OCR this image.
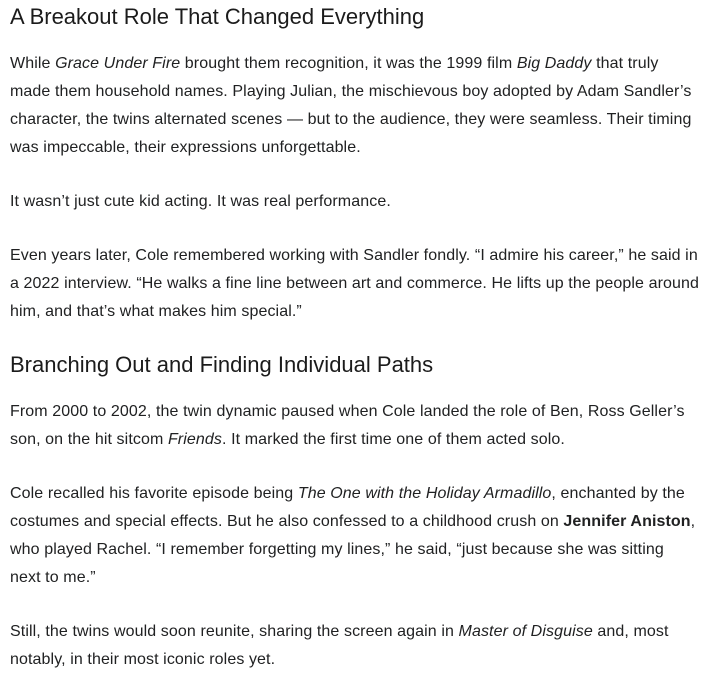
A Breakout Role That Changed Everything

While Grace Under Fire brought them recognition, it was the 1999 film Big Daddy that truly made them household names. Playing Julian, the mischievous boy adopted by Adam Sandler’s character, the twins alternated scenes — but to the audience, they were seamless. Their timing was impeccable, their expressions unforgettable.

It wasn’t just cute kid acting. It was real performance.

Even years later, Cole remembered working with Sandler fondly. “I admire his career,” he said in a 2022 interview. “He walks a fine line between art and commerce. He lifts up the people around him, and that’s what makes him special.”

Branching Out and Finding Individual Paths

From 2000 to 2002, the twin dynamic paused when Cole landed the role of Ben, Ross Geller’s son, on the hit sitcom Friends. It marked the first time one of them acted solo.

Cole recalled his favorite episode being The One with the Holiday Armadillo, enchanted by the costumes and special effects. But he also confessed to a childhood crush on Jennifer Aniston, who played Rachel. “I remember forgetting my lines,” he said, “just because she was sitting next to me.”

Still, the twins would soon reunite, sharing the screen again in Master of Disguise and, most notably, in their most iconic roles yet.
